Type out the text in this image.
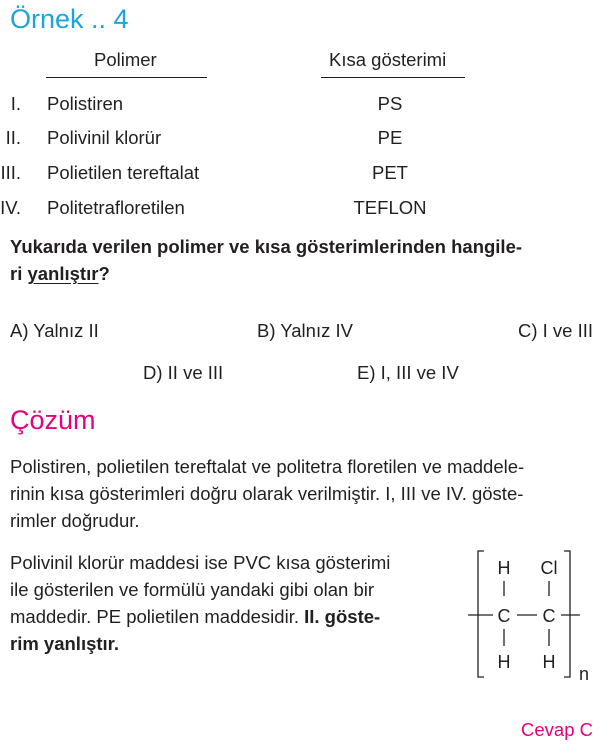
Örnek .. 4
Polimer	Kısa gösterimi
I. Polistiren	PS
II. Polivinil klorür	PE
III. Polietilen tereftalat	PET
IV. Politetrafloretilen	TEFLON
Yukarıda verilen polimer ve kısa gösterimlerinden hangile-
ri yanlıştır?
A) Yalnız II	B) Yalnız IV	C) I ve III
D) II ve III	E) I, III ve IV
Çözüm
Polistiren, polietilen tereftalat ve politetra floretilen ve maddele-
rinin kısa gösterimleri doğru olarak verilmiştir. I, III ve IV. göste-
rimler doğrudur.
Polivinil klorür maddesi ise PVC kısa gösterimi
ile gösterilen ve formülü yandaki gibi olan bir
maddedir. PE polietilen maddesidir. II. göste-
rim yanlıştır.
H Cl
C C
H H
n
Cevap C
